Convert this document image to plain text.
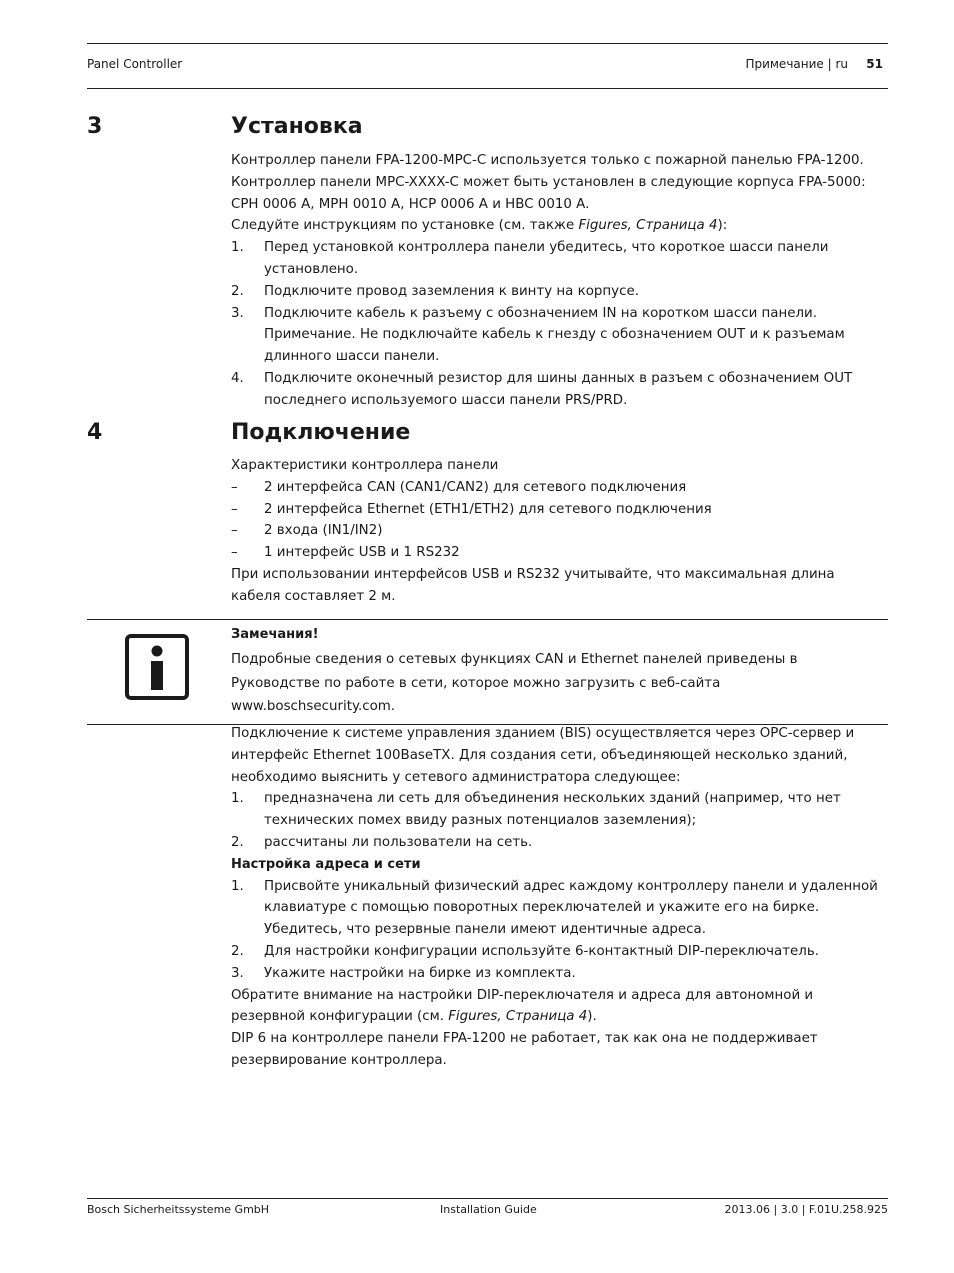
Panel Controller	Примечание | ru 51
3	Установка

Контроллер панели FPA-1200-MPC-C используется только с пожарной панелью FPA-1200.

Контроллер панели MPC-XXXX-C может быть установлен в следующие корпуса FPA-5000:

CPH 0006 A, MPH 0010 A, HCP 0006 A и HBC 0010 A.

Следуйте инструкциям по установке (см. также Figures, Страница 4):

1. Перед установкой контроллера панели убедитесь, что короткое шасси панели
установлено.
2. Подключите провод заземления к винту на корпусе.
3. Подключите кабель к разъему с обозначением IN на коротком шасси панели.
Примечание. Не подключайте кабель к гнезду с обозначением OUT и к разъемам
длинного шасси панели.
4. Подключите оконечный резистор для шины данных в разъем с обозначением OUT
последнего используемого шасси панели PRS/PRD.
4	Подключение

Характеристики контроллера панели

– 2 интерфейса CAN (CAN1/CAN2) для сетевого подключения
– 2 интерфейса Ethernet (ETH1/ETH2) для сетевого подключения
– 2 входа (IN1/IN2)
– 1 интерфейс USB и 1 RS232

При использовании интерфейсов USB и RS232 учитывайте, что максимальная длина
кабеля составляет 2 м.

Замечания!
Подробные сведения о сетевых функциях CAN и Ethernet панелей приведены в
Руководстве по работе в сети, которое можно загрузить с веб-сайта
www.boschsecurity.com.

Подключение к системе управления зданием (BIS) осуществляется через OPC-сервер и
интерфейс Ethernet 100BaseTX. Для создания сети, объединяющей несколько зданий,
необходимо выяснить у сетевого администратора следующее:

1. предназначена ли сеть для объединения нескольких зданий (например, что нет
технических помех ввиду разных потенциалов заземления);
2. рассчитаны ли пользователи на сеть.

Настройка адреса и сети

1. Присвойте уникальный физический адрес каждому контроллеру панели и удаленной
клавиатуре с помощью поворотных переключателей и укажите его на бирке.
Убедитесь, что резервные панели имеют идентичные адреса.
2. Для настройки конфигурации используйте 6-контактный DIP-переключатель.
3. Укажите настройки на бирке из комплекта.

Обратите внимание на настройки DIP-переключателя и адреса для автономной и
резервной конфигурации (см. Figures, Страница 4).

DIP 6 на контроллере панели FPA-1200 не работает, так как она не поддерживает
резервирование контроллера.

Bosch Sicherheitssysteme GmbH	Installation Guide	2013.06 | 3.0 | F.01U.258.925
